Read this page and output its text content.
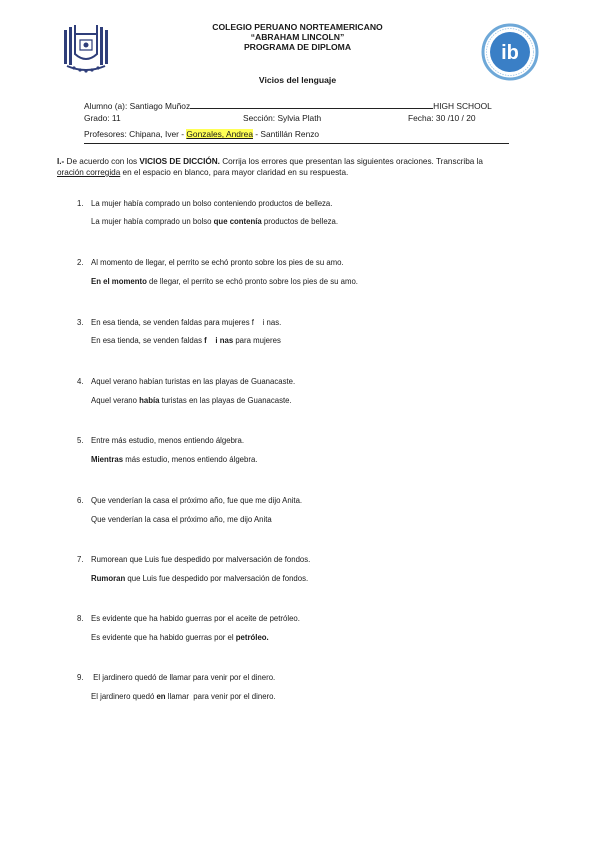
ib
COLEGIO PERUANO NORTEAMERICANO
“ABRAHAM LINCOLN”
PROGRAMA DE DIPLOMA
Vicios del lenguaje
Alumno (a): Santiago Muñoz	HIGH SCHOOL
Grado: 11	Sección: Sylvia Plath	Fecha: 30 /10 / 20
Profesores: Chipana, Iver - Gonzales, Andrea - Santillán Renzo
I.- De acuerdo con los VICIOS DE DICCIÓN. Corrija los errores que presentan las siguientes oraciones. Transcriba la
oración corregida en el espacio en blanco, para mayor claridad en su respuesta.
1. La mujer había comprado un bolso conteniendo productos de belleza.
La mujer había comprado un bolso que contenía productos de belleza.
2. Al momento de llegar, el perrito se echó pronto sobre los pies de su amo.
En el momento de llegar, el perrito se echó pronto sobre los pies de su amo.
3. En esa tienda, se venden faldas para mujeres f    i nas.
En esa tienda, se venden faldas f    i nas para mujeres
4. Aquel verano habían turistas en las playas de Guanacaste.
Aquel verano había turistas en las playas de Guanacaste.
5. Entre más estudio, menos entiendo álgebra.
Mientras más estudio, menos entiendo álgebra.
6. Que venderían la casa el próximo año, fue que me dijo Anita.
Que venderían la casa el próximo año, me dijo Anita
7. Rumorean que Luis fue despedido por malversación de fondos.
Rumoran que Luis fue despedido por malversación de fondos.
8. Es evidente que ha habido guerras por el aceite de petróleo.
Es evidente que ha habido guerras por el petróleo.
9. El jardinero quedó de llamar para venir por el dinero.
El jardinero quedó en llamar  para venir por el dinero.
